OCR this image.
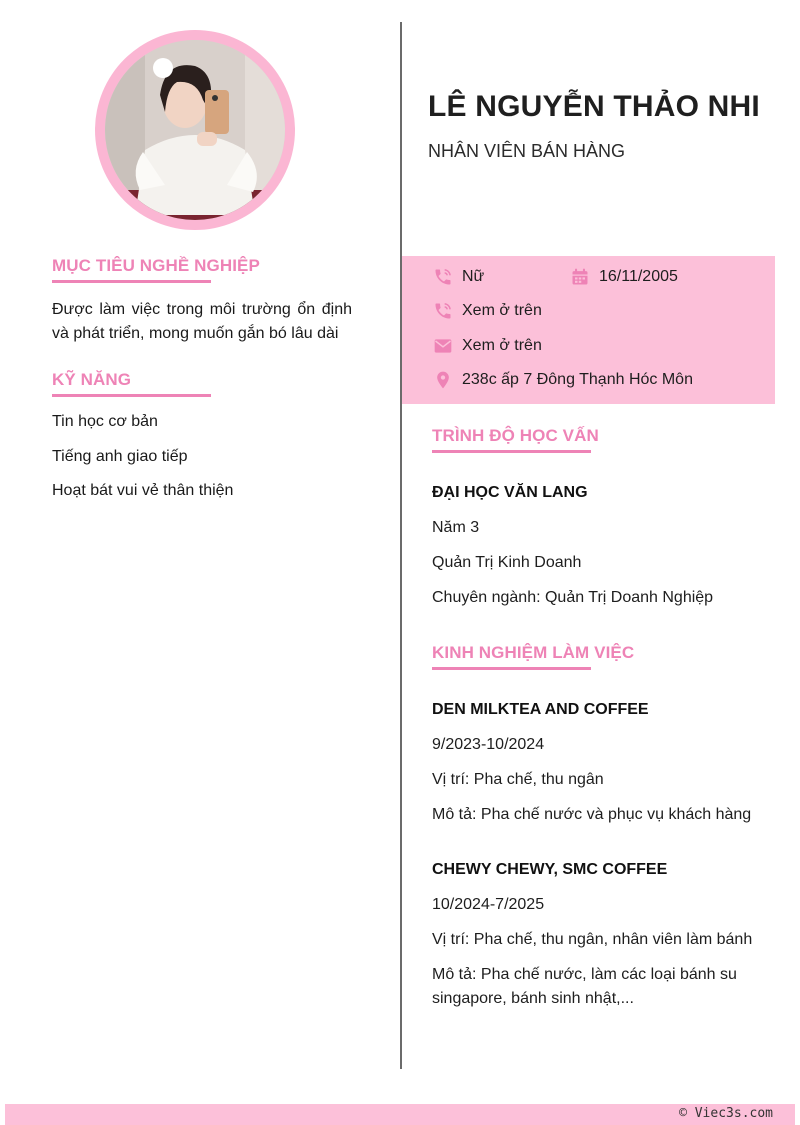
LÊ NGUYỄN THẢO NHI
NHÂN VIÊN BÁN HÀNG
Nữ	16/11/2005
Xem ở trên
Xem ở trên
238c ấp 7 Đông Thạnh Hóc Môn
MỤC TIÊU NGHỀ NGHIỆP
Được làm việc trong môi trường ổn định và phát triển, mong muốn gắn bó lâu dài
KỸ NĂNG
Tin học cơ bản
Tiếng anh giao tiếp
Hoạt bát vui vẻ thân thiện
TRÌNH ĐỘ HỌC VẤN
ĐẠI HỌC VĂN LANG
Năm 3
Quản Trị Kinh Doanh
Chuyên ngành: Quản Trị Doanh Nghiệp
KINH NGHIỆM LÀM VIỆC
DEN MILKTEA AND COFFEE
9/2023-10/2024
Vị trí: Pha chế, thu ngân
Mô tả: Pha chế nước và phục vụ khách hàng
CHEWY CHEWY, SMC COFFEE
10/2024-7/2025
Vị trí: Pha chế, thu ngân, nhân viên làm bánh
Mô tả: Pha chế nước, làm các loại bánh su singapore, bánh sinh nhật,...
© Viec3s.com
